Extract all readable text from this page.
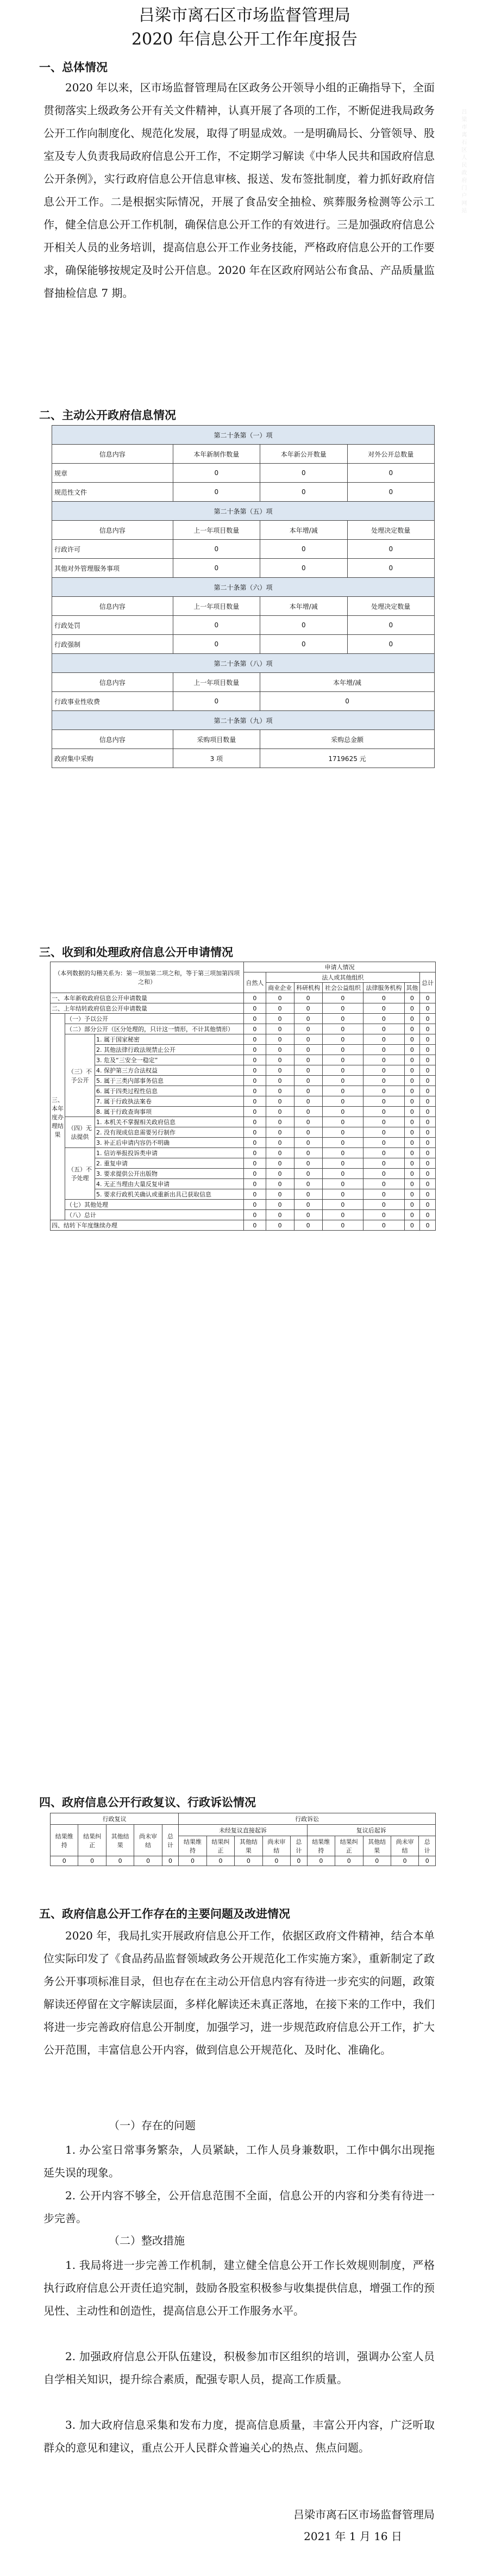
吕梁市离石区人民政府门户网站
吕梁市离石区市场监督管理局
2020 年信息公开工作年度报告
一、总体情况
2020 年以来，区市场监督管理局在区政务公开领导小组的正确指导下，全面贯彻落实上级政务公开有关文件精神，认真开展了各项的工作，不断促进我局政务公开工作向制度化、规范化发展，取得了明显成效。一是明确局长、分管领导、股室及专人负责我局政府信息公开工作，不定期学习解读《中华人民共和国政府信息公开条例》，实行政府信息公开信息审核、报送、发布签批制度，着力抓好政府信息公开工作。二是根据实际情况，开展了食品安全抽检、殡葬服务检测等公示工作，健全信息公开工作机制，确保信息公开工作的有效进行。三是加强政府信息公开相关人员的业务培训，提高信息公开工作业务技能，严格政府信息公开的工作要求，确保能够按规定及时公开信息。2020 年在区政府网站公布食品、产品质量监督抽检信息 7 期。
二、主动公开政府信息情况
第二十条第（一）项			
信息内容	本年新制作数量	本年新公开数量	对外公开总数量
规章	0	0	0
规范性文件	0	0	0
第二十条第（五）项			
信息内容	上一年项目数量	本年增/减	处理决定数量
行政许可	0	0	0
其他对外管理服务事项	0	0	0
第二十条第（六）项			
信息内容	上一年项目数量	本年增/减	处理决定数量
行政处罚	0	0	0
行政强制	0	0	0
第二十条第（八）项			
信息内容	上一年项目数量	本年增/减	
行政事业性收费	0	0	
第二十条第（九）项			
信息内容	采购项目数量	采购总金额	
政府集中采购	3 项	1719625 元	
三、收到和处理政府信息公开申请情况
（本列数据的勾稽关系为：第一项加第二项之和，等于第三项加第四项之和）			申请人情况						
			自然人	法人或其他组织					总计
				商业企业	科研机构	社会公益组织	法律服务机构	其他	
一、本年新收政府信息公开申请数量			0	0	0	0	0	0	0
二、上年结转政府信息公开申请数量			0	0	0	0	0	0	0
三、本年度办理结果	（一）予以公开		0	0	0	0	0	0	0
	（二）部分公开（区分处理的，只计这一情形，不计其他情形）		0	0	0	0	0	0	0
	（三）不予公开	1. 属于国家秘密	0	0	0	0	0	0	0
		2. 其他法律行政法规禁止公开	0	0	0	0	0	0	0
		3. 危及“三安全一稳定”	0	0	0	0	0	0	0
		4. 保护第三方合法权益	0	0	0	0	0	0	0
		5. 属于三类内部事务信息	0	0	0	0	0	0	0
		6. 属于四类过程性信息	0	0	0	0	0	0	0
		7. 属于行政执法案卷	0	0	0	0	0	0	0
		8. 属于行政查询事项	0	0	0	0	0	0	0
	（四）无法提供	1. 本机关不掌握相关政府信息	0	0	0	0	0	0	0
		2. 没有现成信息需要另行制作	0	0	0	0	0	0	0
		3. 补正后申请内容仍不明确	0	0	0	0	0	0	0
	（五）不予处理	1. 信访举报投诉类申请	0	0	0	0	0	0	0
		2. 重复申请	0	0	0	0	0	0	0
		3. 要求提供公开出版物	0	0	0	0	0	0	0
		4. 无正当理由大量反复申请	0	0	0	0	0	0	0
		5. 要求行政机关确认或重新出具已获取信息	0	0	0	0	0	0	0
	（七）其他处理		0	0	0	0	0	0	0
	（八）总计		0	0	0	0	0	0	0
四、结转下年度继续办理			0	0	0	0	0	0	0
四、政府信息公开行政复议、行政诉讼情况
行政复议					行政诉讼									
结果维持	结果纠正	其他结果	尚未审结	总计	未经复议直接起诉					复议后起诉				
					结果维持	结果纠正	其他结果	尚未审结	总计	结果维持	结果纠正	其他结果	尚未审结	总计
0	0	0	0	0	0	0	0	0	0	0	0	0	0	0
五、政府信息公开工作存在的主要问题及改进情况
2020 年，我局扎实开展政府信息公开工作，依据区政府文件精神，结合本单位实际印发了《食品药品监督领域政务公开规范化工作实施方案》，重新制定了政务公开事项标准目录，但也存在在主动公开信息内容有待进一步充实的问题，政策解读还停留在文字解读层面，多样化解读还未真正落地，在接下来的工作中，我们将进一步完善政府信息公开制度，加强学习，进一步规范政府信息公开工作，扩大公开范围，丰富信息公开内容，做到信息公开规范化、及时化、准确化。
（一）存在的问题
1. 办公室日常事务繁杂，人员紧缺，工作人员身兼数职，工作中偶尔出现拖延失误的现象。
2. 公开内容不够全，公开信息范围不全面，信息公开的内容和分类有待进一步完善。
（二）整改措施
1. 我局将进一步完善工作机制，建立健全信息公开工作长效规则制度，严格执行政府信息公开责任追究制，鼓励各股室积极参与收集提供信息，增强工作的预见性、主动性和创造性，提高信息公开工作服务水平。
2. 加强政府信息公开队伍建设，积极参加市区组织的培训，强调办公室人员自学相关知识，提升综合素质，配强专职人员，提高工作质量。
3. 加大政府信息采集和发布力度，提高信息质量，丰富公开内容，广泛听取群众的意见和建议，重点公开人民群众普遍关心的热点、焦点问题。
吕梁市离石区市场监督管理局
2021 年 1 月 16 日
